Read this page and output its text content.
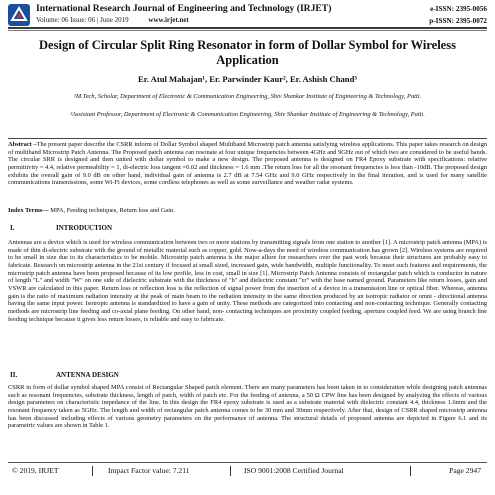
International Research Journal of Engineering and Technology (IRJET)
Volume: 06 Issue: 06 | June 2019	www.irjet.net
e-ISSN: 2395-0056
p-ISSN: 2395-0072
Design of Circular Split Ring Resonator in form of Dollar Symbol for Wireless Application
Er. Atul Mahajan¹, Er. Parwinder Kaur², Er. Ashish Chand³
¹M.Tech, Scholar, Department of Electronic & Communication Engineering, Shiv Shankar Institute of Engineering & Technology, Patti.
²Assistant Professor, Department of Electronic & Communication Engineering, Shiv Shankar Institute of Engineering & Technology, Patti.
Abstract –The present paper describe the CSRR inform of Dollar Symbol shaped Multiband Microstrip patch antenna satisfying wireless applications. This paper takes research on design of multiband Microstrip Patch Antenna. The Proposed patch antenna can resonate at four unique frequencies between 4GHz and 9GHz out of which two are considered to be useful bands. The circular SRR is designed and then united with dollar symbol to make a new design. The proposed antenna is designed on FR4 Epoxy substrate with specifications: relative permittivity = 4.4, relative permeability = 1, di-electric loss tangent =0.02 and thickness = 1.6 mm .The return loss for all the resonant frequencies is less than -10dB. The proposed design exhibits the overall gain of 9.0 dB on other hand, individual gain of antenna is 2.7 dB at 7.54 GHz and 9.0 GHz respectively in the final iteration, and is used for many satellite communications transmissions, some Wi-Fi devices, some cordless telephones as well as some surveillance and weather radar systems.
Index Terms— MPA, Feeding techniques, Return loss and Gain.
I.	INTRODUCTION
Antennas are a device which is used for wireless communication between two or more stations by transmitting signals from one station to another [1]. A microstrip patch antenna (MPA) is made of thin di-electric substrate with the ground of metallic material such as copper, gold. Now-a-days the need of wireless communication has grown [2]. Wireless systems are required to be small in size due to its characteristics to be mobile. Microstrip patch antenna is the major allure for researchers over the past work because their structures are probably easy to fabricate. Research on microstrip antenna in the 21st century if focused at small sized, increased gain, wide bandwidth, multiple functionality. To meet such features and requirements, the microstrip patch antenna have been proposed because of its low profile, less in cost, small in size [1]. Microstrip Patch Antenna consists of rectangular patch which is conductor in nature of length "L" and width "W" on one side of dielectric substrate with the thickness of "h" and dielectric constant "εr" with the base named ground. Parameters like return losses, gain and VSWR are calculated in this paper. Return loss or reflection loss is the reflection of signal power from the insertion of a device in a transmission line or optical fiber. Whereas, antenna gain is the ratio of maximum radiation intensity at the peak of main beam to the radiation intensity in the same direction produced by an isotropic radiator or omni - directional antenna having the same input power. Isotropic antenna is standardized to have a gain of unity. These methods are categorized into contacting and non-contacting technique. Generally contacting methods are microstrip line feeding and co-axial plane feeding. On other hand, non- contacting techniques are proximity coupled feeding, aperture coupled feed. We are using branch line feeding technique because it gives less return losses, is reliable and easy to fabricate.
II.	ANTENNA DESIGN
CSRR in form of dollar symbol shaped MPA consist of Rectangular Shaped patch element. There are many parameters has been taken in to consideration while designing patch antennas such as resonant frequencies, substrate thickness, length of patch, width of patch etc. For the feeding of antenna, a 50 Ω CPW line has been designed by analyzing the effects of various design parameters on characteristic impedance of the line. In this design the FR4 epoxy substrate is used as a substrate material with dielectric constant 4.4, thickness 1.6mm and the resonant frequency taken as 5GHz. The length and width of rectangular patch antenna comes to be 30 mm and 30mm respectively. After that, design of CSRR shaped microstrip antenna has been discussed including effects of various geometry parameters on the performance of antenna. The structural details of proposed antenna are depicted in Figure 6.1 and its parametric values are shown in Table 1.
© 2019, IRJET	Impact Factor value: 7.211	ISO 9001:2008 Certified Journal	Page 2947
